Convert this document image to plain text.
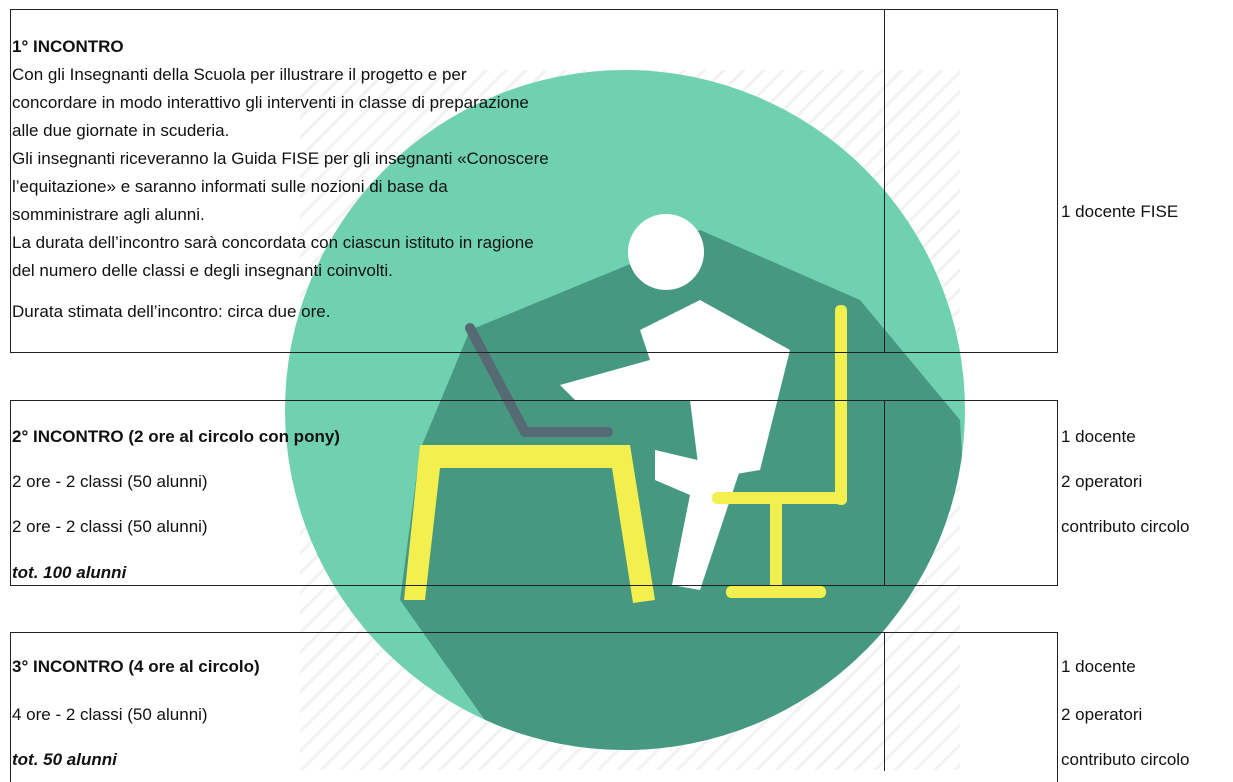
1° INCONTRO
Con gli Insegnanti della Scuola per illustrare il progetto e per
concordare in modo interattivo gli interventi in classe di preparazione
alle due giornate in scuderia.
Gli insegnanti riceveranno la Guida FISE per gli insegnanti «Conoscere
l’equitazione» e saranno informati sulle nozioni di base da
somministrare agli alunni.
La durata dell’incontro sarà concordata con ciascun istituto in ragione
del numero delle classi e degli insegnanti coinvolti.
Durata stimata dell’incontro: circa due ore.
1 docente FISE
2° INCONTRO (2 ore al circolo con pony)
2 ore - 2 classi (50 alunni)
2 ore - 2 classi (50 alunni)
tot. 100 alunni
1 docente
2 operatori
contributo circolo
3° INCONTRO (4 ore al circolo)
4 ore - 2 classi (50 alunni)
tot. 50 alunni
1 docente
2 operatori
contributo circolo
